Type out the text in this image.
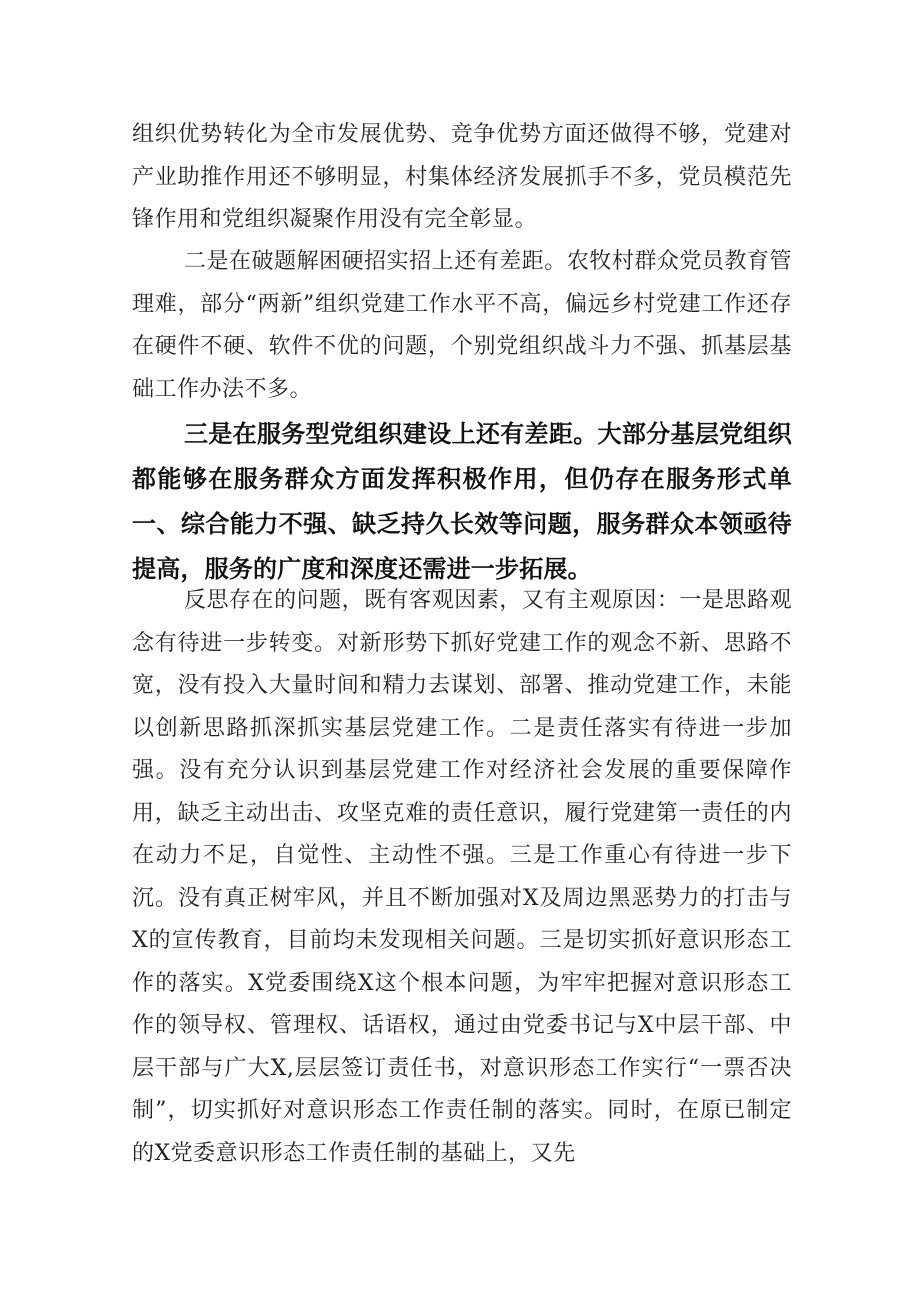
组织优势转化为全市发展优势、竞争优势方面还做得不够，党建对产业助推作用还不够明显，村集体经济发展抓手不多，党员模范先锋作用和党组织凝聚作用没有完全彰显。

二是在破题解困硬招实招上还有差距。农牧村群众党员教育管理难，部分“两新”组织党建工作水平不高，偏远乡村党建工作还存在硬件不硬、软件不优的问题，个别党组织战斗力不强、抓基层基础工作办法不多。

三是在服务型党组织建设上还有差距。大部分基层党组织都能够在服务群众方面发挥积极作用，但仍存在服务形式单一、综合能力不强、缺乏持久长效等问题，服务群众本领亟待提高，服务的广度和深度还需进一步拓展。

反思存在的问题，既有客观因素，又有主观原因：一是思路观念有待进一步转变。对新形势下抓好党建工作的观念不新、思路不宽，没有投入大量时间和精力去谋划、部署、推动党建工作，未能以创新思路抓深抓实基层党建工作。二是责任落实有待进一步加强。没有充分认识到基层党建工作对经济社会发展的重要保障作用，缺乏主动出击、攻坚克难的责任意识，履行党建第一责任的内在动力不足，自觉性、主动性不强。三是工作重心有待进一步下沉。没有真正树牢风，并且不断加强对X及周边黑恶势力的打击与X的宣传教育，目前均未发现相关问题。三是切实抓好意识形态工作的落实。X党委围绕X这个根本问题，为牢牢把握对意识形态工作的领导权、管理权、话语权，通过由党委书记与X中层干部、中层干部与广大X,层层签订责任书，对意识形态工作实行“一票否决制”，切实抓好对意识形态工作责任制的落实。同时，在原已制定的X党委意识形态工作责任制的基础上，又先
